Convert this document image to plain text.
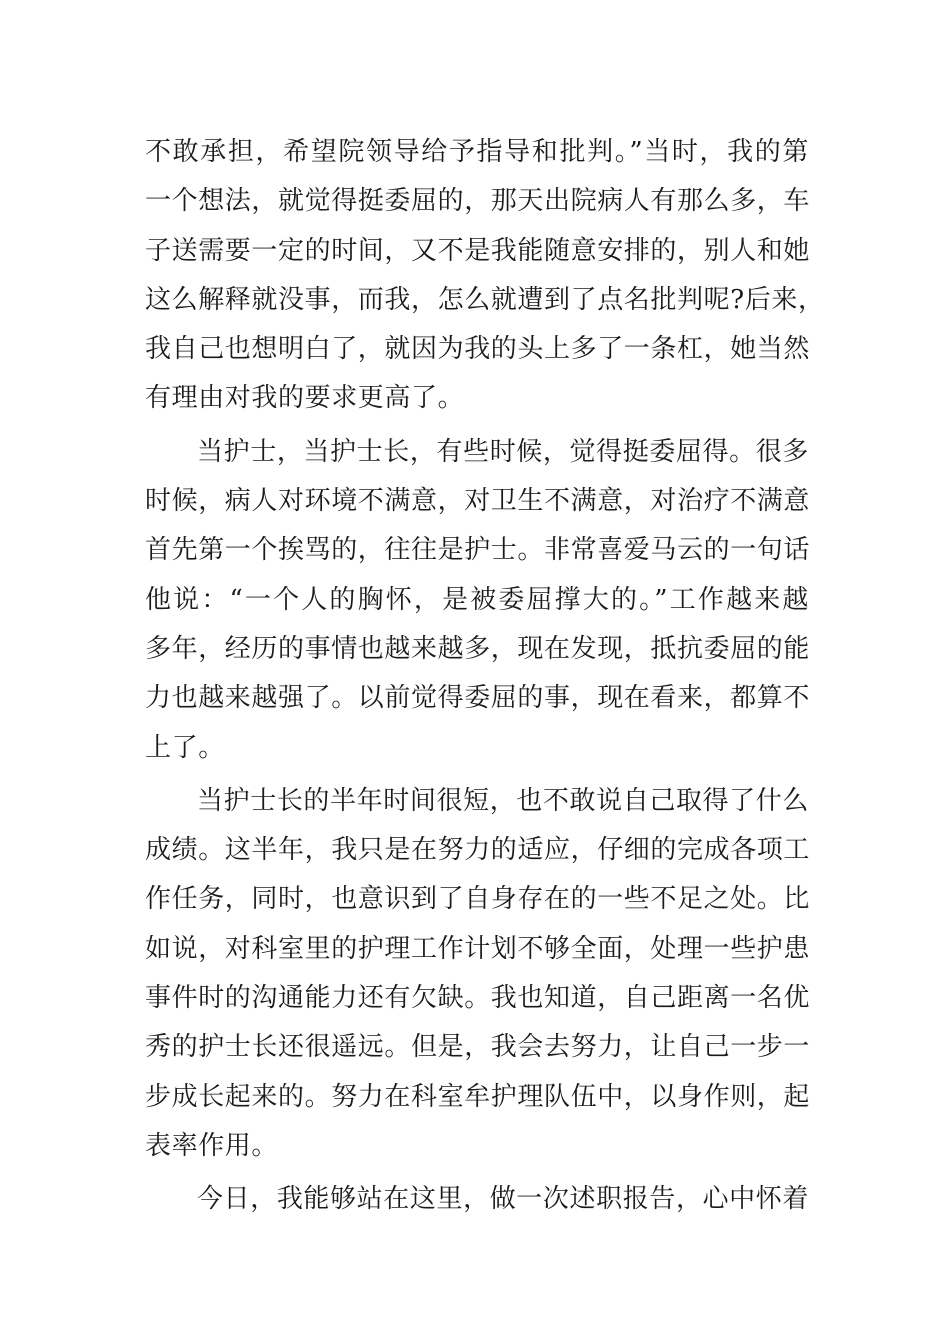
不敢承担，希望院领导给予指导和批判。”当时，我的第
一个想法，就觉得挺委屈的，那天出院病人有那么多，车
子送需要一定的时间，又不是我能随意安排的，别人和她
这么解释就没事，而我，怎么就遭到了点名批判呢?后来，
我自己也想明白了，就因为我的头上多了一条杠，她当然
有理由对我的要求更高了。

当护士，当护士长，有些时候，觉得挺委屈得。很多
时候，病人对环境不满意，对卫生不满意，对治疗不满意
首先第一个挨骂的，往往是护士。非常喜爱马云的一句话
他说：“一个人的胸怀，是被委屈撑大的。”工作越来越
多年，经历的事情也越来越多，现在发现，抵抗委屈的能
力也越来越强了。以前觉得委屈的事，现在看来，都算不
上了。

当护士长的半年时间很短，也不敢说自己取得了什么
成绩。这半年，我只是在努力的适应，仔细的完成各项工
作任务，同时，也意识到了自身存在的一些不足之处。比
如说，对科室里的护理工作计划不够全面，处理一些护患
事件时的沟通能力还有欠缺。我也知道，自己距离一名优
秀的护士长还很遥远。但是，我会去努力，让自己一步一
步成长起来的。努力在科室牟护理队伍中，以身作则，起
表率作用。

今日，我能够站在这里，做一次述职报告，心中怀着
